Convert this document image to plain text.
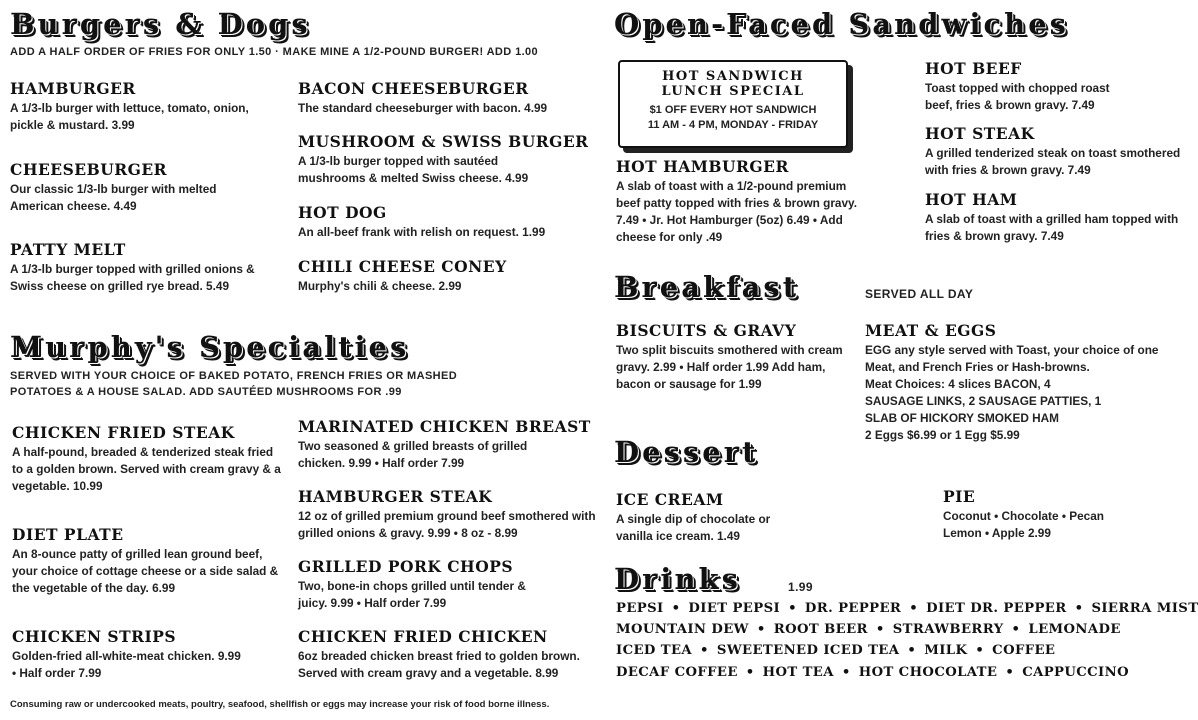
Burgers & Dogs
ADD A HALF ORDER OF FRIES FOR ONLY 1.50 · MAKE MINE A 1/2-POUND BURGER! ADD 1.00
HAMBURGER
A 1/3-lb burger with lettuce, tomato, onion, pickle & mustard. 3.99
CHEESEBURGER
Our classic 1/3-lb burger with melted American cheese. 4.49
PATTY MELT
A 1/3-lb burger topped with grilled onions & Swiss cheese on grilled rye bread. 5.49
BACON CHEESEBURGER
The standard cheeseburger with bacon. 4.99
MUSHROOM & SWISS BURGER
A 1/3-lb burger topped with sautéed mushrooms & melted Swiss cheese. 4.99
HOT DOG
An all-beef frank with relish on request. 1.99
CHILI CHEESE CONEY
Murphy's chili & cheese. 2.99
Murphy's Specialties
SERVED WITH YOUR CHOICE OF BAKED POTATO, FRENCH FRIES OR MASHED
POTATOES & A HOUSE SALAD. ADD SAUTÉED MUSHROOMS FOR .99
CHICKEN FRIED STEAK
A half-pound, breaded & tenderized steak fried to a golden brown. Served with cream gravy & a vegetable. 10.99
DIET PLATE
An 8-ounce patty of grilled lean ground beef, your choice of cottage cheese or a side salad & the vegetable of the day. 6.99
CHICKEN STRIPS
Golden-fried all-white-meat chicken. 9.99 • Half order 7.99
MARINATED CHICKEN BREAST
Two seasoned & grilled breasts of grilled chicken. 9.99 • Half order 7.99
HAMBURGER STEAK
12 oz of grilled premium ground beef smothered with grilled onions & gravy. 9.99 • 8 oz - 8.99
GRILLED PORK CHOPS
Two, bone-in chops grilled until tender & juicy. 9.99 • Half order 7.99
CHICKEN FRIED CHICKEN
6oz breaded chicken breast fried to golden brown. Served with cream gravy and a vegetable. 8.99
Open-Faced Sandwiches
HOT SANDWICH
LUNCH SPECIAL
$1 OFF EVERY HOT SANDWICH
11 AM - 4 PM, MONDAY - FRIDAY
HOT HAMBURGER
A slab of toast with a 1/2-pound premium beef patty topped with fries & brown gravy. 7.49 • Jr. Hot Hamburger (5oz) 6.49 • Add cheese for only .49
HOT BEEF
Toast topped with chopped roast beef, fries & brown gravy. 7.49
HOT STEAK
A grilled tenderized steak on toast smothered with fries & brown gravy. 7.49
HOT HAM
A slab of toast with a grilled ham topped with fries & brown gravy. 7.49
Breakfast	SERVED ALL DAY
BISCUITS & GRAVY
Two split biscuits smothered with cream gravy. 2.99 • Half order 1.99 Add ham, bacon or sausage for 1.99
MEAT & EGGS
EGG any style served with Toast, your choice of one Meat, and French Fries or Hash-browns.
Meat Choices: 4 slices BACON, 4
SAUSAGE LINKS, 2 SAUSAGE PATTIES, 1
SLAB OF HICKORY SMOKED HAM
2 Eggs $6.99 or 1 Egg $5.99
Dessert
ICE CREAM
A single dip of chocolate or vanilla ice cream. 1.49
PIE
Coconut • Chocolate • Pecan
Lemon • Apple 2.99
Drinks	1.99
PEPSI • DIET PEPSI • DR. PEPPER • DIET DR. PEPPER • SIERRA MIST
MOUNTAIN DEW • ROOT BEER • STRAWBERRY • LEMONADE
ICED TEA • SWEETENED ICED TEA • MILK • COFFEE
DECAF COFFEE • HOT TEA • HOT CHOCOLATE • CAPPUCCINO
Consuming raw or undercooked meats, poultry, seafood, shellfish or eggs may increase your risk of food borne illness.
